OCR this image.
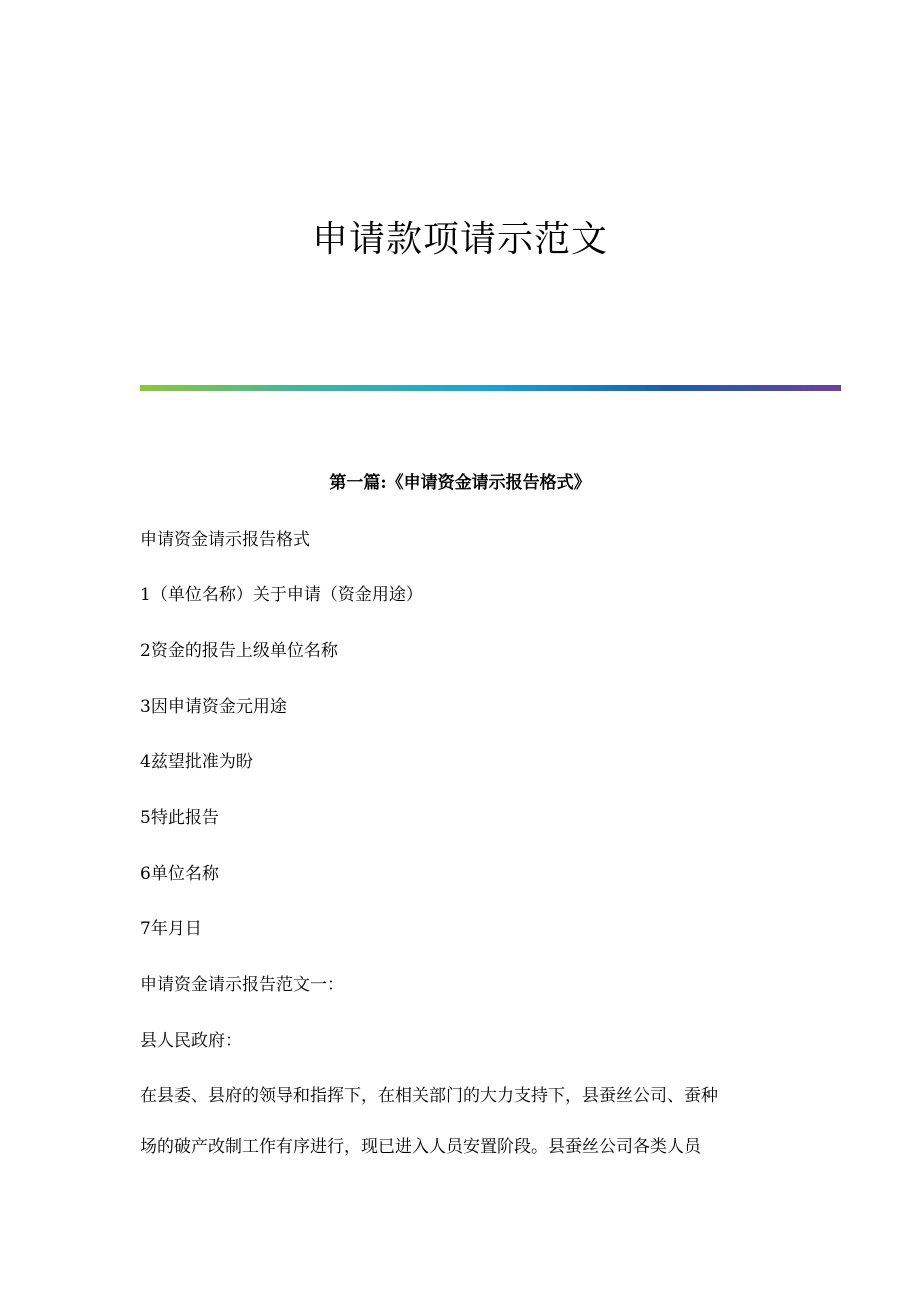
申请款项请示范文
第一篇:《申请资金请示报告格式》
申请资金请示报告格式
1（单位名称）关于申请（资金用途）
2资金的报告上级单位名称
3因申请资金元用途
4兹望批准为盼
5特此报告
6单位名称
7年月日
申请资金请示报告范文一：
县人民政府：
在县委、县府的领导和指挥下，在相关部门的大力支持下，县蚕丝公司、蚕种
场的破产改制工作有序进行，现已进入人员安置阶段。县蚕丝公司各类人员
